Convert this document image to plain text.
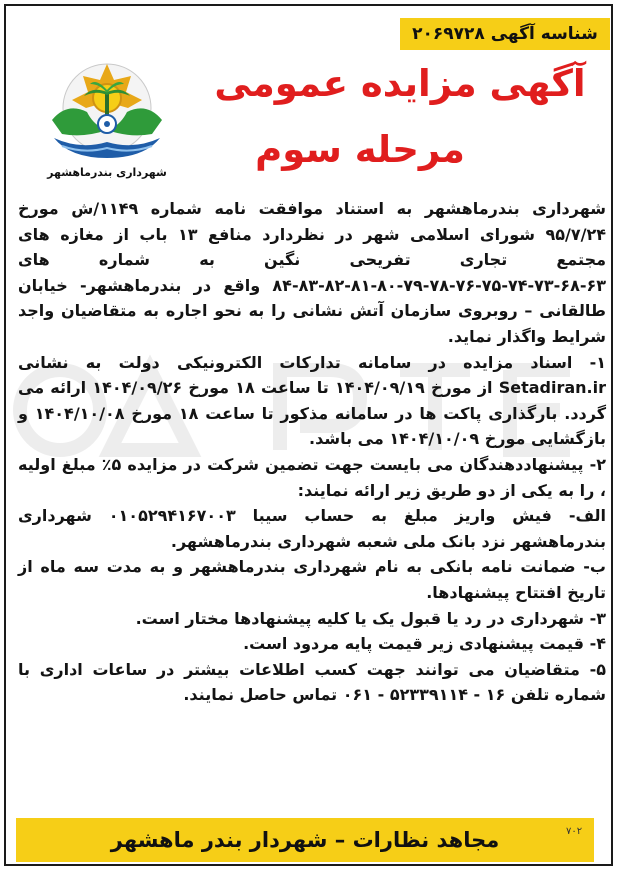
شناسه آگهی ۲۰۶۹۷۲۸
شهرداری بندرماهشهر
آگهی مزایده عمومی
مرحله سوم

شهرداری بندرماهشهر به استناد موافقت نامه شماره ۱۱۴۹/ش مورخ ۹۵/۷/۲۴ شورای اسلامی شهر در نظردارد منافع ۱۳ باب از مغازه های مجتمع تجاری تفریحی نگین به شماره های ۶۳-۶۸-۷۳-۷۴-۷۵-۷۶-۷۸-۷۹-۸۰-۸۱-۸۲-۸۳-۸۴ واقع در بندرماهشهر- خیابان طالقانی – روبروی سازمان آتش نشانی را به نحو اجاره به متقاضیان واجد شرایط واگذار نماید.

۱- اسناد مزایده در سامانه تدارکات الکترونیکی دولت به نشانی Setadiran.ir از مورخ ۱۴۰۴/۰۹/۱۹ تا ساعت ۱۸ مورخ ۱۴۰۴/۰۹/۲۶ ارائه می گردد. بارگذاری پاکت ها در سامانه مذکور تا ساعت ۱۸ مورخ ۱۴۰۴/۱۰/۰۸ و بازگشایی مورخ ۱۴۰۴/۱۰/۰۹ می باشد.

۲- پیشنهاددهندگان می بایست جهت تضمین شرکت در مزایده ۵٪ مبلغ اولیه ، را به یکی از دو طریق زیر ارائه نمایند:

الف- فیش واریز مبلغ به حساب سیبا ۰۱۰۵۲۹۴۱۶۷۰۰۳ شهرداری بندرماهشهر نزد بانک ملی شعبه شهرداری بندرماهشهر.

ب- ضمانت نامه بانکی به نام شهرداری بندرماهشهر و به مدت سه ماه از تاریخ افتتاح پیشنهادها.

۳- شهرداری در رد یا قبول یک یا کلیه پیشنهادها مختار است.

۴- قیمت پیشنهادی زیر قیمت پایه مردود است.

۵- متقاضیان می توانند جهت کسب اطلاعات بیشتر در ساعات اداری با شماره تلفن ۱۶ - ۵۲۳۳۹۱۱۴ - ۰۶۱ تماس حاصل نمایند.

مجاهد نظارات – شهردار بندر ماهشهر	۷۰۲
